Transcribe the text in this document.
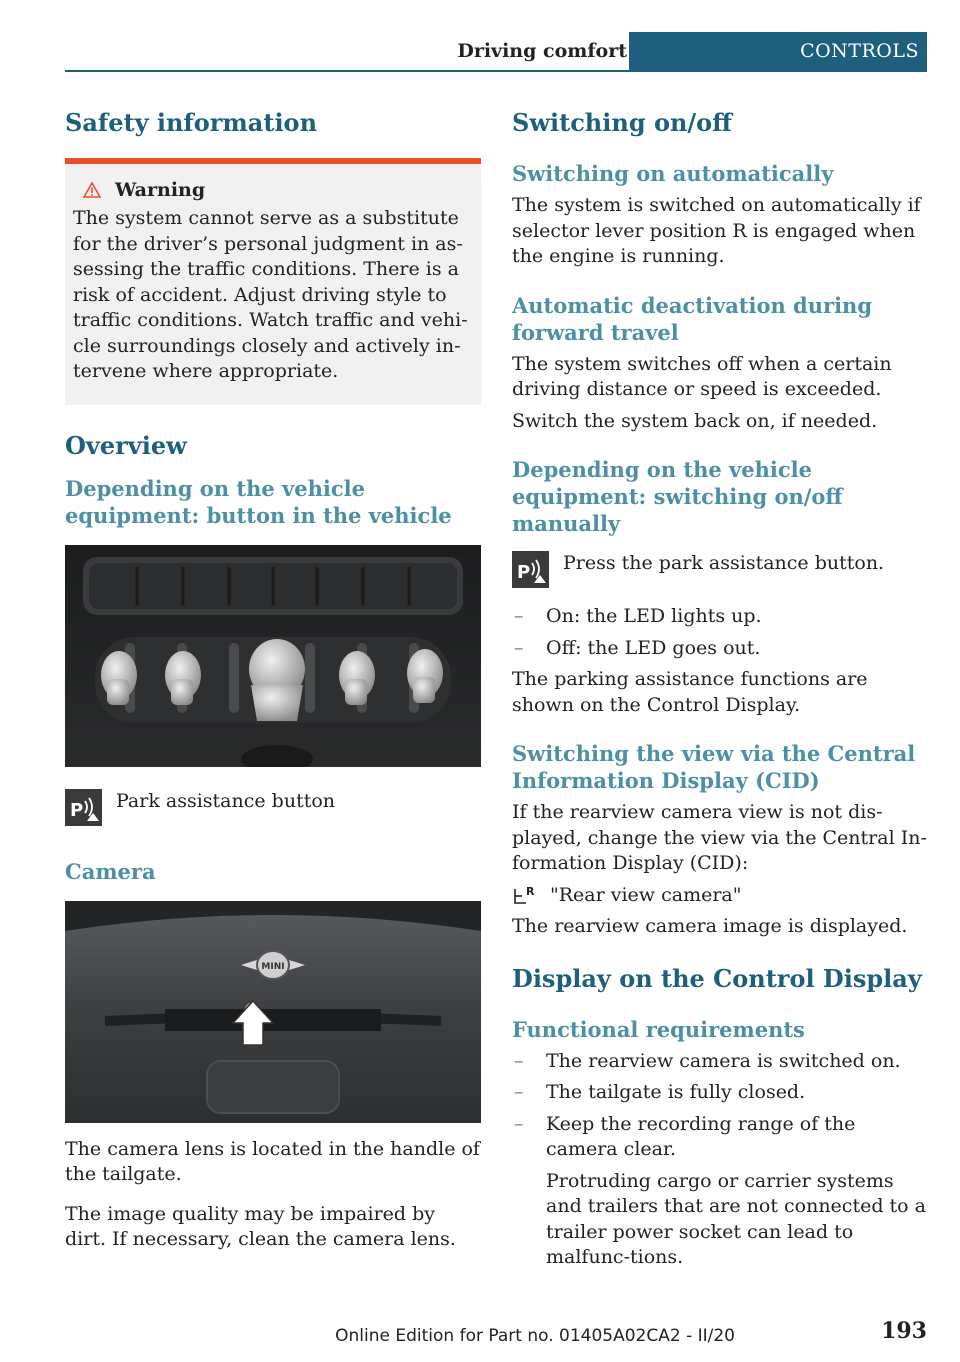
Driving comfort	CONTROLS
Safety information
Warning

The system cannot serve as a substitute for the driver’s personal judgment in as-sessing the traffic conditions. There is a risk of accident. Adjust driving style to traffic conditions. Watch traffic and vehi-cle surroundings closely and actively in-tervene where appropriate.

Overview
Depending on the vehicle equipment: button in the vehicle
P Park assistance button

Camera
MINI

The camera lens is located in the handle of the tailgate.

The image quality may be impaired by dirt. If necessary, clean the camera lens.

Switching on/off
Switching on automatically

The system is switched on automatically if selector lever position R is engaged when the engine is running.

Automatic deactivation during forward travel

The system switches off when a certain driving distance or speed is exceeded.

Switch the system back on, if needed.

Depending on the vehicle equipment: switching on/off manually
P Press the park assistance button.

– On: the LED lights up.
– Off: the LED goes out.

The parking assistance functions are shown on the Control Display.

Switching the view via the Central Information Display (CID)

If the rearview camera view is not dis-played, change the view via the Central In-formation Display (CID):

R "Rear view camera"

The rearview camera image is displayed.

Display on the Control Display
Functional requirements
– The rearview camera is switched on.
– The tailgate is fully closed.
– Keep the recording range of the camera clear.

Protruding cargo or carrier systems and trailers that are not connected to a trailer power socket can lead to malfunc-tions.

Online Edition for Part no. 01405A02CA2 - II/20	193
